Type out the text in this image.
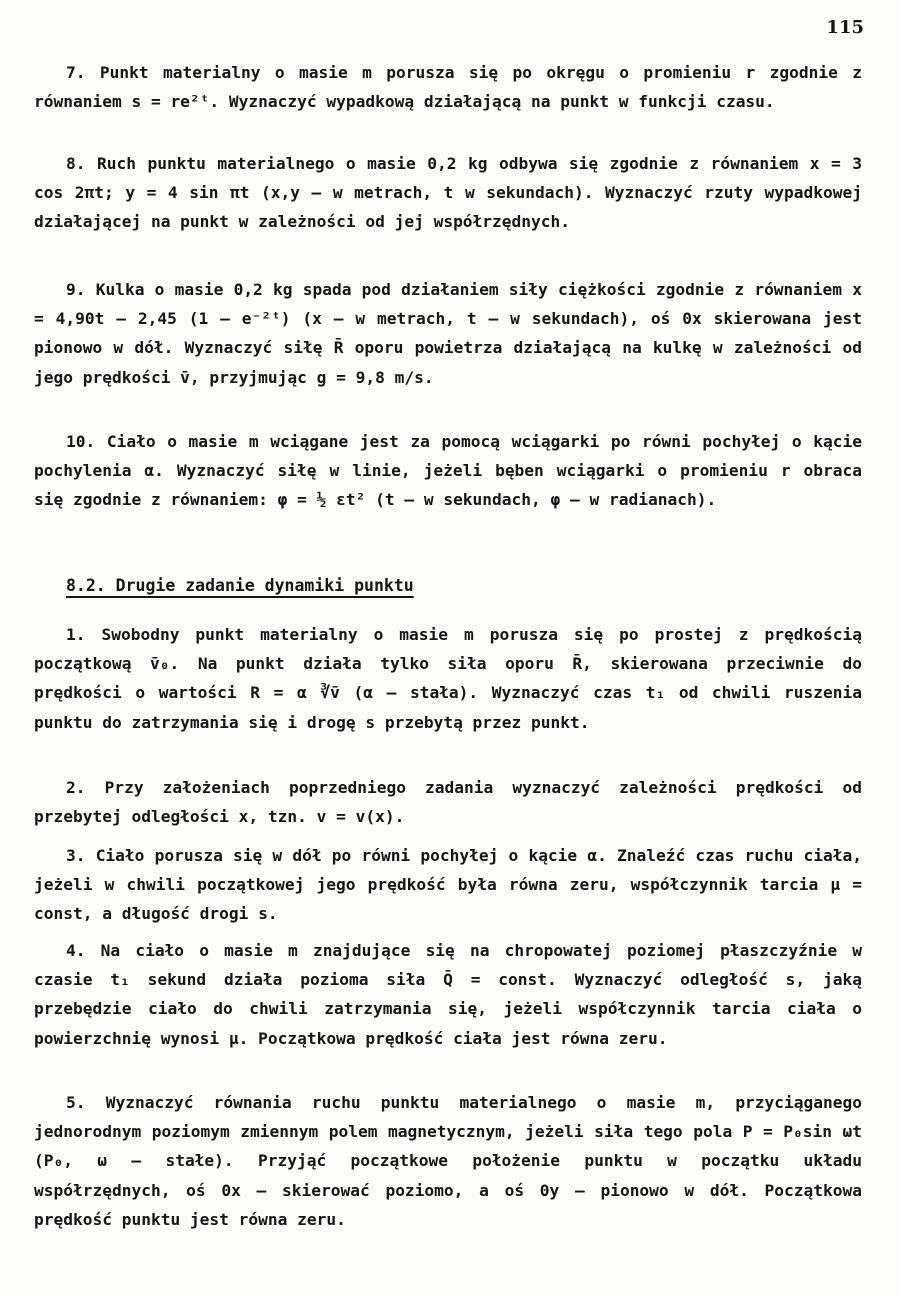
115

7. Punkt materialny o masie m porusza się po okręgu o promieniu r zgodnie z równaniem s = re²ᵗ. Wyznaczyć wypadkową działającą na punkt w funkcji czasu.

8. Ruch punktu materialnego o masie 0,2 kg odbywa się zgodnie z równaniem x = 3 cos 2πt; y = 4 sin πt (x,y – w metrach, t w sekundach). Wyznaczyć rzuty wypadkowej działającej na punkt w zależności od jej współrzędnych.

9. Kulka o masie 0,2 kg spada pod działaniem siły ciężkości zgodnie z równaniem x = 4,90t – 2,45 (1 – e⁻²ᵗ) (x – w metrach, t – w sekundach), oś 0x skierowana jest pionowo w dół. Wyznaczyć siłę R̄ oporu powietrza działającą na kulkę w zależności od jego prędkości v̄, przyjmując g = 9,8 m/s.

10. Ciało o masie m wciągane jest za pomocą wciągarki po równi pochyłej o kącie pochylenia α. Wyznaczyć siłę w linie, jeżeli bęben wciągarki o promieniu r obraca się zgodnie z równaniem: φ = ½ εt² (t – w sekundach, φ – w radianach).

8.2. Drugie zadanie dynamiki punktu

1. Swobodny punkt materialny o masie m porusza się po prostej z prędkością początkową v̄₀. Na punkt działa tylko siła oporu R̄, skierowana przeciwnie do prędkości o wartości R = α ∛v̄ (α – stała). Wyznaczyć czas t₁ od chwili ruszenia punktu do zatrzymania się i drogę s przebytą przez punkt.

2. Przy założeniach poprzedniego zadania wyznaczyć zależności prędkości od przebytej odległości x, tzn. v = v(x).

3. Ciało porusza się w dół po równi pochyłej o kącie α. Znaleźć czas ruchu ciała, jeżeli w chwili początkowej jego prędkość była równa zeru, współczynnik tarcia μ = const, a długość drogi s.

4. Na ciało o masie m znajdujące się na chropowatej poziomej płaszczyźnie w czasie t₁ sekund działa pozioma siła Q̄ = const. Wyznaczyć odległość s, jaką przebędzie ciało do chwili zatrzymania się, jeżeli współczynnik tarcia ciała o powierzchnię wynosi μ. Początkowa prędkość ciała jest równa zeru.

5. Wyznaczyć równania ruchu punktu materialnego o masie m, przyciąganego jednorodnym poziomym zmiennym polem magnetycznym, jeżeli siła tego pola P = P₀sin ωt (P₀, ω – stałe). Przyjąć początkowe położenie punktu w początku układu współrzędnych, oś 0x – skierować poziomo, a oś 0y – pionowo w dół. Początkowa prędkość punktu jest równa zeru.
